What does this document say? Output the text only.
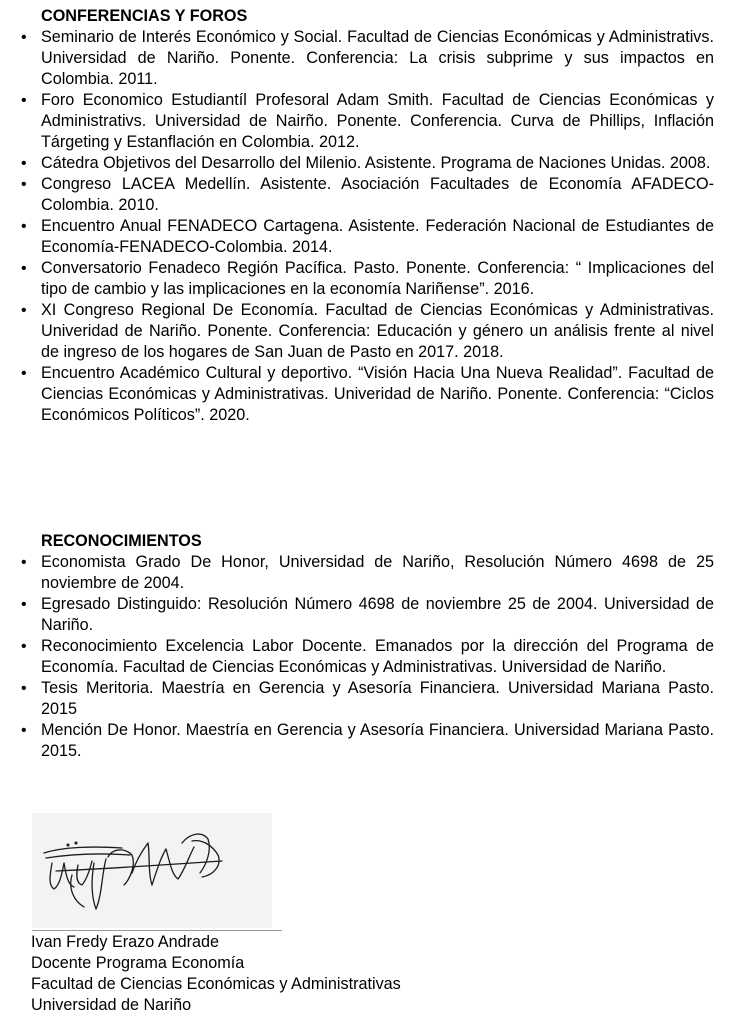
CONFERENCIAS Y FOROS
• Seminario de Interés Económico y Social. Facultad de Ciencias Económicas y Administrativs. Universidad de Nariño. Ponente. Conferencia: La crisis subprime y sus impactos en Colombia. 2011.
• Foro Economico Estudiantíl Profesoral Adam Smith. Facultad de Ciencias Económicas y Administrativs. Universidad de Nairño. Ponente. Conferencia. Curva de Phillips, Inflación Tárgeting y Estanflación en Colombia. 2012.
• Cátedra Objetivos del Desarrollo del Milenio. Asistente. Programa de Naciones Unidas. 2008.
• Congreso LACEA Medellín. Asistente. Asociación Facultades de Economía AFADECO-Colombia. 2010.
• Encuentro Anual FENADECO Cartagena. Asistente. Federación Nacional de Estudiantes de Economía-FENADECO-Colombia. 2014.
• Conversatorio Fenadeco Región Pacífica. Pasto. Ponente. Conferencia: “ Implicaciones del tipo de cambio y las implicaciones en la economía Nariñense”. 2016.
• XI Congreso Regional De Economía. Facultad de Ciencias Económicas y Administrativas. Univeridad de Nariño. Ponente. Conferencia: Educación y género un análisis frente al nivel de ingreso de los hogares de San Juan de Pasto en 2017. 2018.
• Encuentro Académico Cultural y deportivo. “Visión Hacia Una Nueva Realidad”. Facultad de Ciencias Económicas y Administrativas. Univeridad de Nariño. Ponente. Conferencia: “Ciclos Económicos Políticos”. 2020.
RECONOCIMIENTOS
• Economista Grado De Honor, Universidad de Nariño, Resolución Número 4698 de 25 noviembre de 2004.
• Egresado Distinguido: Resolución Número 4698 de noviembre 25 de 2004. Universidad de Nariño.
• Reconocimiento Excelencia Labor Docente. Emanados por la dirección del Programa de Economía. Facultad de Ciencias Económicas y Administrativas. Universidad de Nariño.
• Tesis Meritoria. Maestría en Gerencia y Asesoría Financiera. Universidad Mariana Pasto. 2015
• Mención De Honor. Maestría en Gerencia y Asesoría Financiera. Universidad Mariana Pasto. 2015.
Ivan Fredy Erazo Andrade
Docente Programa Economía
Facultad de Ciencias Económicas y Administrativas
Universidad de Nariño
